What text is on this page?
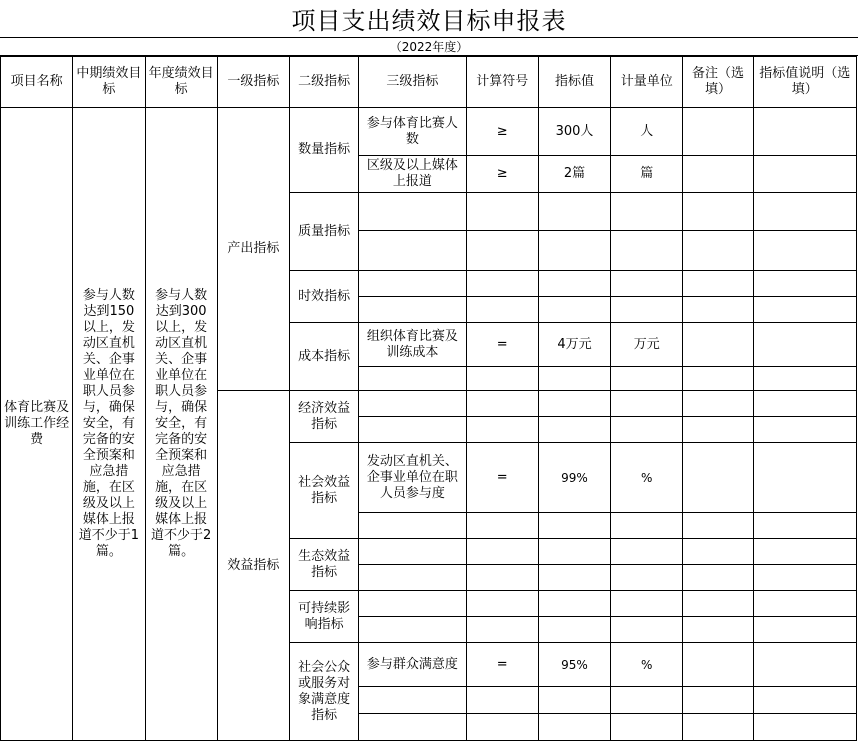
项目支出绩效目标申报表
（2022年度）
项目名称	中期绩效目标	年度绩效目标	一级指标	二级指标	三级指标	计算符号	指标值	计量单位	备注（选填）	指标值说明（选填）
体育比赛及训练工作经费	参与人数达到150以上，发动区直机关、企事业单位在职人员参与，确保安全，有完备的安全预案和应急措施，在区级及以上媒体上报道不少于1篇。	参与人数达到300以上，发动区直机关、企事业单位在职人员参与，确保安全，有完备的安全预案和应急措施，在区级及以上媒体上报道不少于2篇。	产出指标	数量指标	参与体育比赛人数	≥	300人	人		
					区级及以上媒体上报道	≥	2篇	篇		
				质量指标						

				时效指标						

				成本指标	组织体育比赛及训练成本	=	4万元	万元		

			效益指标	经济效益指标						

				社会效益指标	发动区直机关、企事业单位在职人员参与度	=	99%	%		

				生态效益指标						

				可持续影响指标						

				社会公众或服务对象满意度指标	参与群众满意度	=	95%	%		
